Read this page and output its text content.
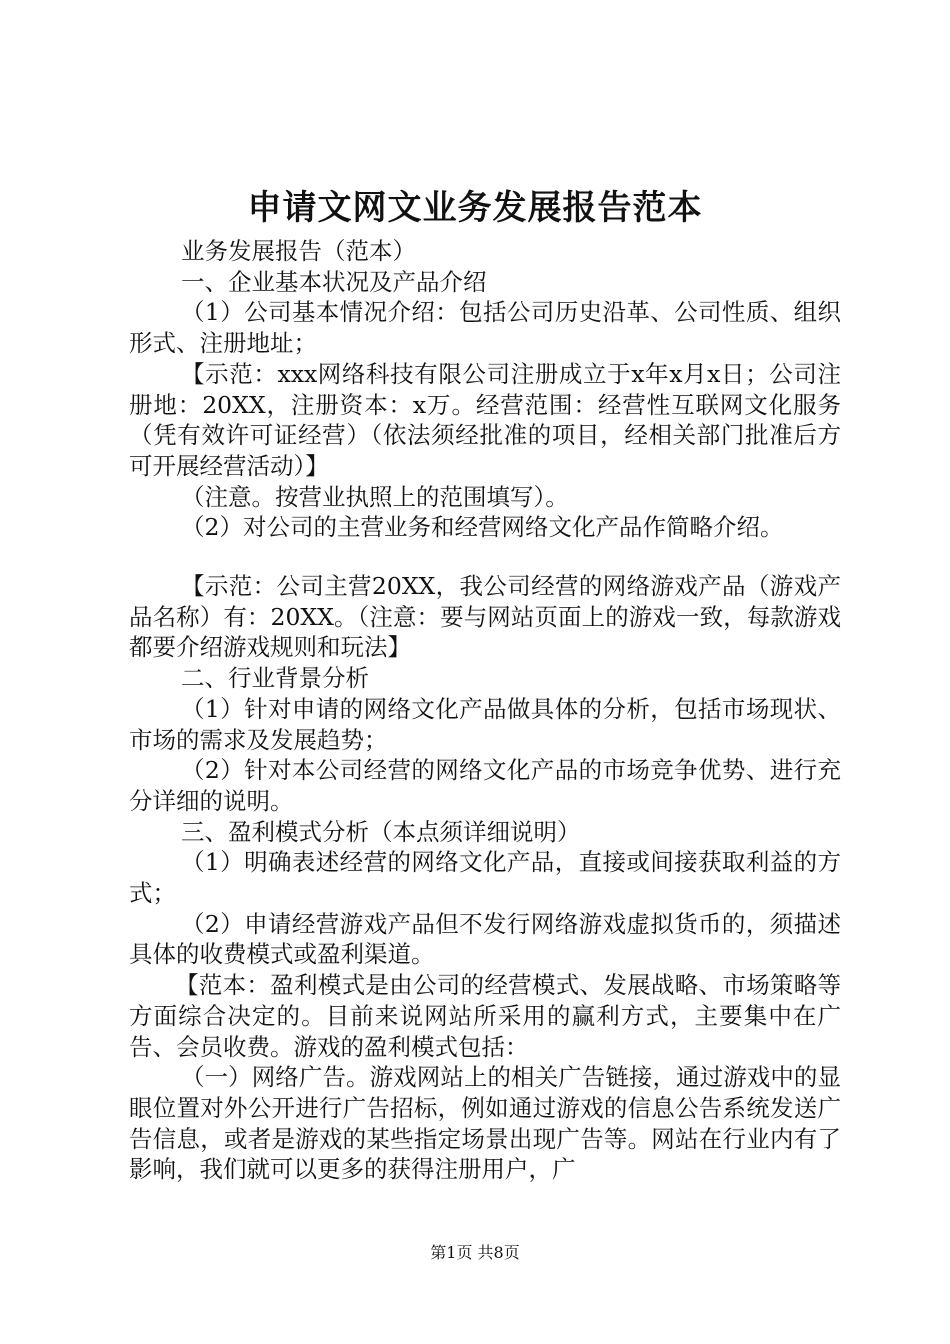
申请文网文业务发展报告范本

业务发展报告（范本）

一、企业基本状况及产品介绍

（1）公司基本情况介绍：包括公司历史沿革、公司性质、组织形式、注册地址；

【示范：xxx网络科技有限公司注册成立于x年x月x日；公司注册地：20XX，注册资本：x万。经营范围：经营性互联网文化服务（凭有效许可证经营）（依法须经批准的项目，经相关部门批准后方可开展经营活动）】

（注意。按营业执照上的范围填写）。

（2）对公司的主营业务和经营网络文化产品作简略介绍。

【示范：公司主营20XX，我公司经营的网络游戏产品（游戏产品名称）有：20XX。（注意：要与网站页面上的游戏一致，每款游戏都要介绍游戏规则和玩法】

二、行业背景分析

（1）针对申请的网络文化产品做具体的分析，包括市场现状、市场的需求及发展趋势；

（2）针对本公司经营的网络文化产品的市场竞争优势、进行充分详细的说明。

三、盈利模式分析（本点须详细说明）

（1）明确表述经营的网络文化产品，直接或间接获取利益的方式；

（2）申请经营游戏产品但不发行网络游戏虚拟货币的，须描述具体的收费模式或盈利渠道。

【范本：盈利模式是由公司的经营模式、发展战略、市场策略等方面综合决定的。目前来说网站所采用的赢利方式，主要集中在广告、会员收费。游戏的盈利模式包括：

（一）网络广告。游戏网站上的相关广告链接，通过游戏中的显眼位置对外公开进行广告招标，例如通过游戏的信息公告系统发送广告信息，或者是游戏的某些指定场景出现广告等。网站在行业内有了影响，我们就可以更多的获得注册用户，广

第1页 共8页
